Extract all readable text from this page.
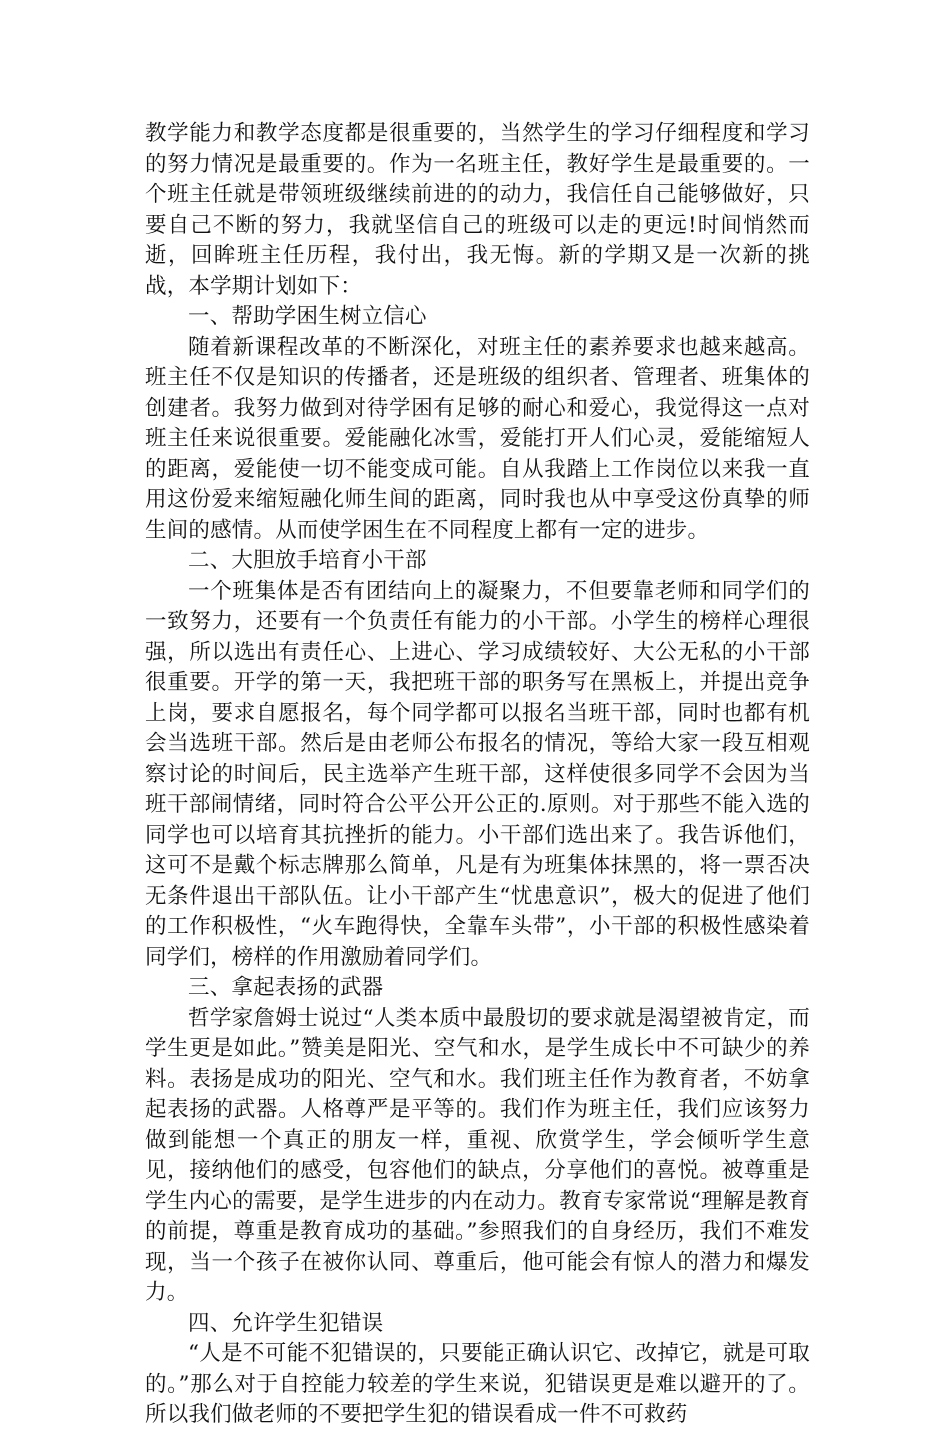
教学能力和教学态度都是很重要的，当然学生的学习仔细程度和学习的努力情况是最重要的。作为一名班主任，教好学生是最重要的。一个班主任就是带领班级继续前进的的动力，我信任自己能够做好，只要自己不断的努力，我就坚信自己的班级可以走的更远!时间悄然而逝，回眸班主任历程，我付出，我无悔。新的学期又是一次新的挑战，本学期计划如下：

一、帮助学困生树立信心

随着新课程改革的不断深化，对班主任的素养要求也越来越高。班主任不仅是知识的传播者，还是班级的组织者、管理者、班集体的创建者。我努力做到对待学困有足够的耐心和爱心，我觉得这一点对班主任来说很重要。爱能融化冰雪，爱能打开人们心灵，爱能缩短人的距离，爱能使一切不能变成可能。自从我踏上工作岗位以来我一直用这份爱来缩短融化师生间的距离，同时我也从中享受这份真挚的师生间的感情。从而使学困生在不同程度上都有一定的进步。

二、大胆放手培育小干部

一个班集体是否有团结向上的凝聚力，不但要靠老师和同学们的一致努力，还要有一个负责任有能力的小干部。小学生的榜样心理很强，所以选出有责任心、上进心、学习成绩较好、大公无私的小干部很重要。开学的第一天，我把班干部的职务写在黑板上，并提出竞争上岗，要求自愿报名，每个同学都可以报名当班干部，同时也都有机会当选班干部。然后是由老师公布报名的情况，等给大家一段互相观察讨论的时间后，民主选举产生班干部，这样使很多同学不会因为当班干部闹情绪，同时符合公平公开公正的.原则。对于那些不能入选的同学也可以培育其抗挫折的能力。小干部们选出来了。我告诉他们，这可不是戴个标志牌那么简单，凡是有为班集体抹黑的，将一票否决无条件退出干部队伍。让小干部产生“忧患意识”，极大的促进了他们的工作积极性，“火车跑得快，全靠车头带”，小干部的积极性感染着同学们，榜样的作用激励着同学们。

三、拿起表扬的武器

哲学家詹姆士说过“人类本质中最殷切的要求就是渴望被肯定，而学生更是如此。”赞美是阳光、空气和水，是学生成长中不可缺少的养料。表扬是成功的阳光、空气和水。我们班主任作为教育者，不妨拿起表扬的武器。人格尊严是平等的。我们作为班主任，我们应该努力做到能想一个真正的朋友一样，重视、欣赏学生，学会倾听学生意见，接纳他们的感受，包容他们的缺点，分享他们的喜悦。被尊重是学生内心的需要，是学生进步的内在动力。教育专家常说“理解是教育的前提，尊重是教育成功的基础。”参照我们的自身经历，我们不难发现，当一个孩子在被你认同、尊重后，他可能会有惊人的潜力和爆发力。

四、允许学生犯错误

“人是不可能不犯错误的，只要能正确认识它、改掉它，就是可取的。”那么对于自控能力较差的学生来说，犯错误更是难以避开的了。所以我们做老师的不要把学生犯的错误看成一件不可救药
